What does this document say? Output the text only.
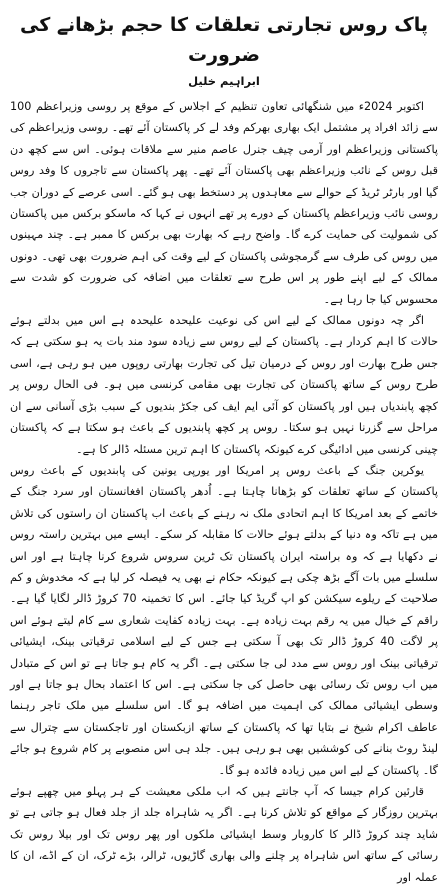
پاک روس تجارتی تعلقات کا حجم بڑھانے کی ضرورت
ابراہیم خلیل

اکتوبر 2024ء میں شنگھائی تعاون تنظیم کے اجلاس کے موقع پر روسی وزیراعظم 100 سے زائد افراد پر مشتمل ایک بھاری بھرکم وفد لے کر پاکستان آئے تھے۔ روسی وزیراعظم کی پاکستانی وزیراعظم اور آرمی چیف جنرل عاصم منیر سے ملاقات ہوئی۔ اس سے کچھ دن قبل روس کے نائب وزیراعظم بھی پاکستان آئے تھے۔ پھر پاکستان سے تاجروں کا وفد روس گیا اور بارٹر ٹریڈ کے حوالے سے معاہدوں پر دستخط بھی ہو گئے۔ اسی عرصے کے دوران جب روسی نائب وزیراعظم پاکستان کے دورے پر تھے انہوں نے کہا کہ ماسکو برکس میں پاکستان کی شمولیت کی حمایت کرے گا۔ واضح رہے کہ بھارت بھی برکس کا ممبر ہے۔ چند مہینوں میں روس کی طرف سے گرمجوشی پاکستان کے لیے وقت کی اہم ضرورت بھی تھی۔ دونوں ممالک کے لیے اپنے طور پر اس طرح سے تعلقات میں اضافہ کی ضرورت کو شدت سے محسوس کیا جا رہا ہے۔

اگر چہ دونوں ممالک کے لیے اس کی نوعیت علیحدہ علیحدہ ہے اس میں بدلتے ہوئے حالات کا اہم کردار ہے۔ پاکستان کے لیے روس سے زیادہ سود مند بات یہ ہو سکتی ہے کہ جس طرح بھارت اور روس کے درمیان تیل کی تجارت بھارتی روپوں میں ہو رہی ہے، اسی طرح روس کے ساتھ پاکستان کی تجارت بھی مقامی کرنسی میں ہو۔ فی الحال روس پر کچھ پابندیاں ہیں اور پاکستان کو آئی ایم ایف کی جکڑ بندیوں کے سبب بڑی آسانی سے ان مراحل سے گزرنا نہیں ہو سکتا۔ روس پر کچھ پابندیوں کے باعث ہو سکتا ہے کہ پاکستان چینی کرنسی میں ادائیگی کرے کیونکہ پاکستان کا اہم ترین مسئلہ ڈالر کا ہے۔

یوکرین جنگ کے باعث روس پر امریکا اور یورپی یونین کی پابندیوں کے باعث روس پاکستان کے ساتھ تعلقات کو بڑھانا چاہتا ہے۔ اُدھر پاکستان افغانستان اور سرد جنگ کے خاتمے کے بعد امریکا کا اہم اتحادی ملک نہ رہنے کے باعث اب پاکستان ان راستوں کی تلاش میں ہے تاکہ وہ دنیا کے بدلتے ہوئے حالات کا مقابلہ کر سکے۔ ایسے میں بہترین راستہ روس نے دکھایا ہے کہ وہ براستہ ایران پاکستان تک ٹرین سروس شروع کرنا چاہتا ہے اور اس سلسلے میں بات آگے بڑھ چکی ہے کیونکہ حکام نے بھی یہ فیصلہ کر لیا ہے کہ مخدوش و کم صلاحیت کے ریلوے سیکشن کو اپ گریڈ کیا جائے۔ اس کا تخمینہ 70 کروڑ ڈالر لگایا گیا ہے۔ راقم کے خیال میں یہ رقم بہت زیادہ ہے۔ بہت زیادہ کفایت شعاری سے کام لیتے ہوئے اس پر لاگت 40 کروڑ ڈالر تک بھی آ سکتی ہے جس کے لیے اسلامی ترقیاتی بینک، ایشیائی ترقیاتی بینک اور روس سے مدد لی جا سکتی ہے۔ اگر یہ کام ہو جاتا ہے تو اس کے متبادل میں اب روس تک رسائی بھی حاصل کی جا سکتی ہے۔ اس کا اعتماد بحال ہو جاتا ہے اور وسطی ایشیائی ممالک کی اہمیت میں اضافہ ہو گا۔ اس سلسلے میں ملک تاجر رہنما عاطف اکرام شیخ نے بتایا تھا کہ پاکستان کے ساتھ ازبکستان اور تاجکستان سے چترال سے لینڈ روٹ بنانے کی کوششیں بھی ہو رہی ہیں۔ جلد ہی اس منصوبے پر کام شروع ہو جائے گا۔ پاکستان کے لیے اس میں زیادہ فائدہ ہو گا۔

قارئین کرام جیسا کہ آپ جانتے ہیں کہ اب ملکی معیشت کے ہر پہلو میں چھپے ہوئے بہترین روزگار کے مواقع کو تلاش کرنا ہے۔ اگر یہ شاہراہ جلد از جلد فعال ہو جاتی ہے تو شاید چند کروڑ ڈالر کا کاروبار وسط ایشیائی ملکوں اور پھر روس تک اور بیلا روس تک رسائی کے ساتھ اس شاہراہ پر چلنے والی بھاری گاڑیوں، ٹرالر، بڑے ٹرک، ان کے اڈے، ان کا عملہ اور
